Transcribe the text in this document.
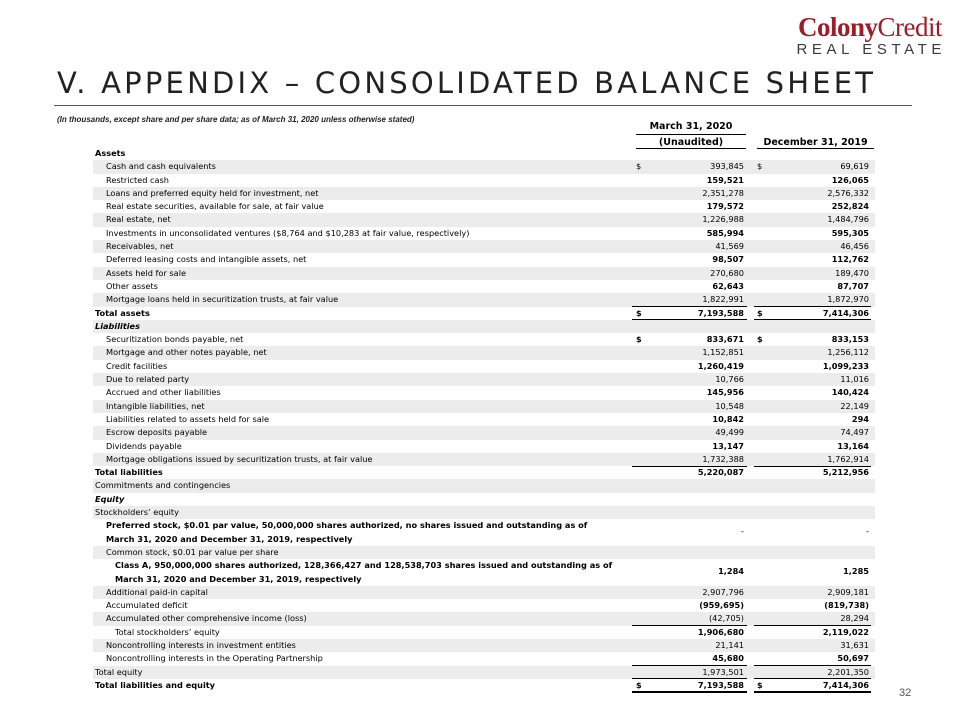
ColonyCredit
REAL ESTATE
V. APPENDIX – CONSOLIDATED BALANCE SHEET
(In thousands, except share and per share data; as of March 31, 2020 unless otherwise stated)
March 31, 2020
(Unaudited)	December 31, 2019
Assets
Cash and cash equivalents	$	393,845 $	69,619
Restricted cash	159,521	126,065
Loans and preferred equity held for investment, net	2,351,278	2,576,332
Real estate securities, available for sale, at fair value	179,572	252,824
Real estate, net	1,226,988	1,484,796
Investments in unconsolidated ventures ($8,764 and $10,283 at fair value, respectively)	585,994	595,305
Receivables, net	41,569	46,456
Deferred leasing costs and intangible assets, net	98,507	112,762
Assets held for sale	270,680	189,470
Other assets	62,643	87,707
Mortgage loans held in securitization trusts, at fair value	1,822,991	1,872,970
Total assets	$	7,193,588 $	7,414,306
Liabilities
Securitization bonds payable, net	$	833,671 $	833,153
Mortgage and other notes payable, net	1,152,851	1,256,112
Credit facilities	1,260,419	1,099,233
Due to related party	10,766	11,016
Accrued and other liabilities	145,956	140,424
Intangible liabilities, net	10,548	22,149
Liabilities related to assets held for sale	10,842	294
Escrow deposits payable	49,499	74,497
Dividends payable	13,147	13,164
Mortgage obligations issued by securitization trusts, at fair value	1,732,388	1,762,914
Total liabilities	5,220,087	5,212,956
Commitments and contingencies
Equity
Stockholders’ equity
Preferred stock, $0.01 par value, 50,000,000 shares authorized, no shares issued and outstanding as of March 31, 2020 and December 31, 2019, respectively
-	-
Common stock, $0.01 par value per share
Class A, 950,000,000 shares authorized, 128,366,427 and 128,538,703 shares issued and outstanding as of March 31, 2020 and December 31, 2019, respectively
1,284	1,285
Additional paid-in capital	2,907,796	2,909,181
Accumulated deficit	(959,695)	(819,738)
Accumulated other comprehensive income (loss)	(42,705)	28,294
Total stockholders’ equity	1,906,680	2,119,022
Noncontrolling interests in investment entities	21,141	31,631
Noncontrolling interests in the Operating Partnership	45,680	50,697
Total equity	1,973,501	2,201,350
Total liabilities and equity	$	7,193,588 $	7,414,306
32
